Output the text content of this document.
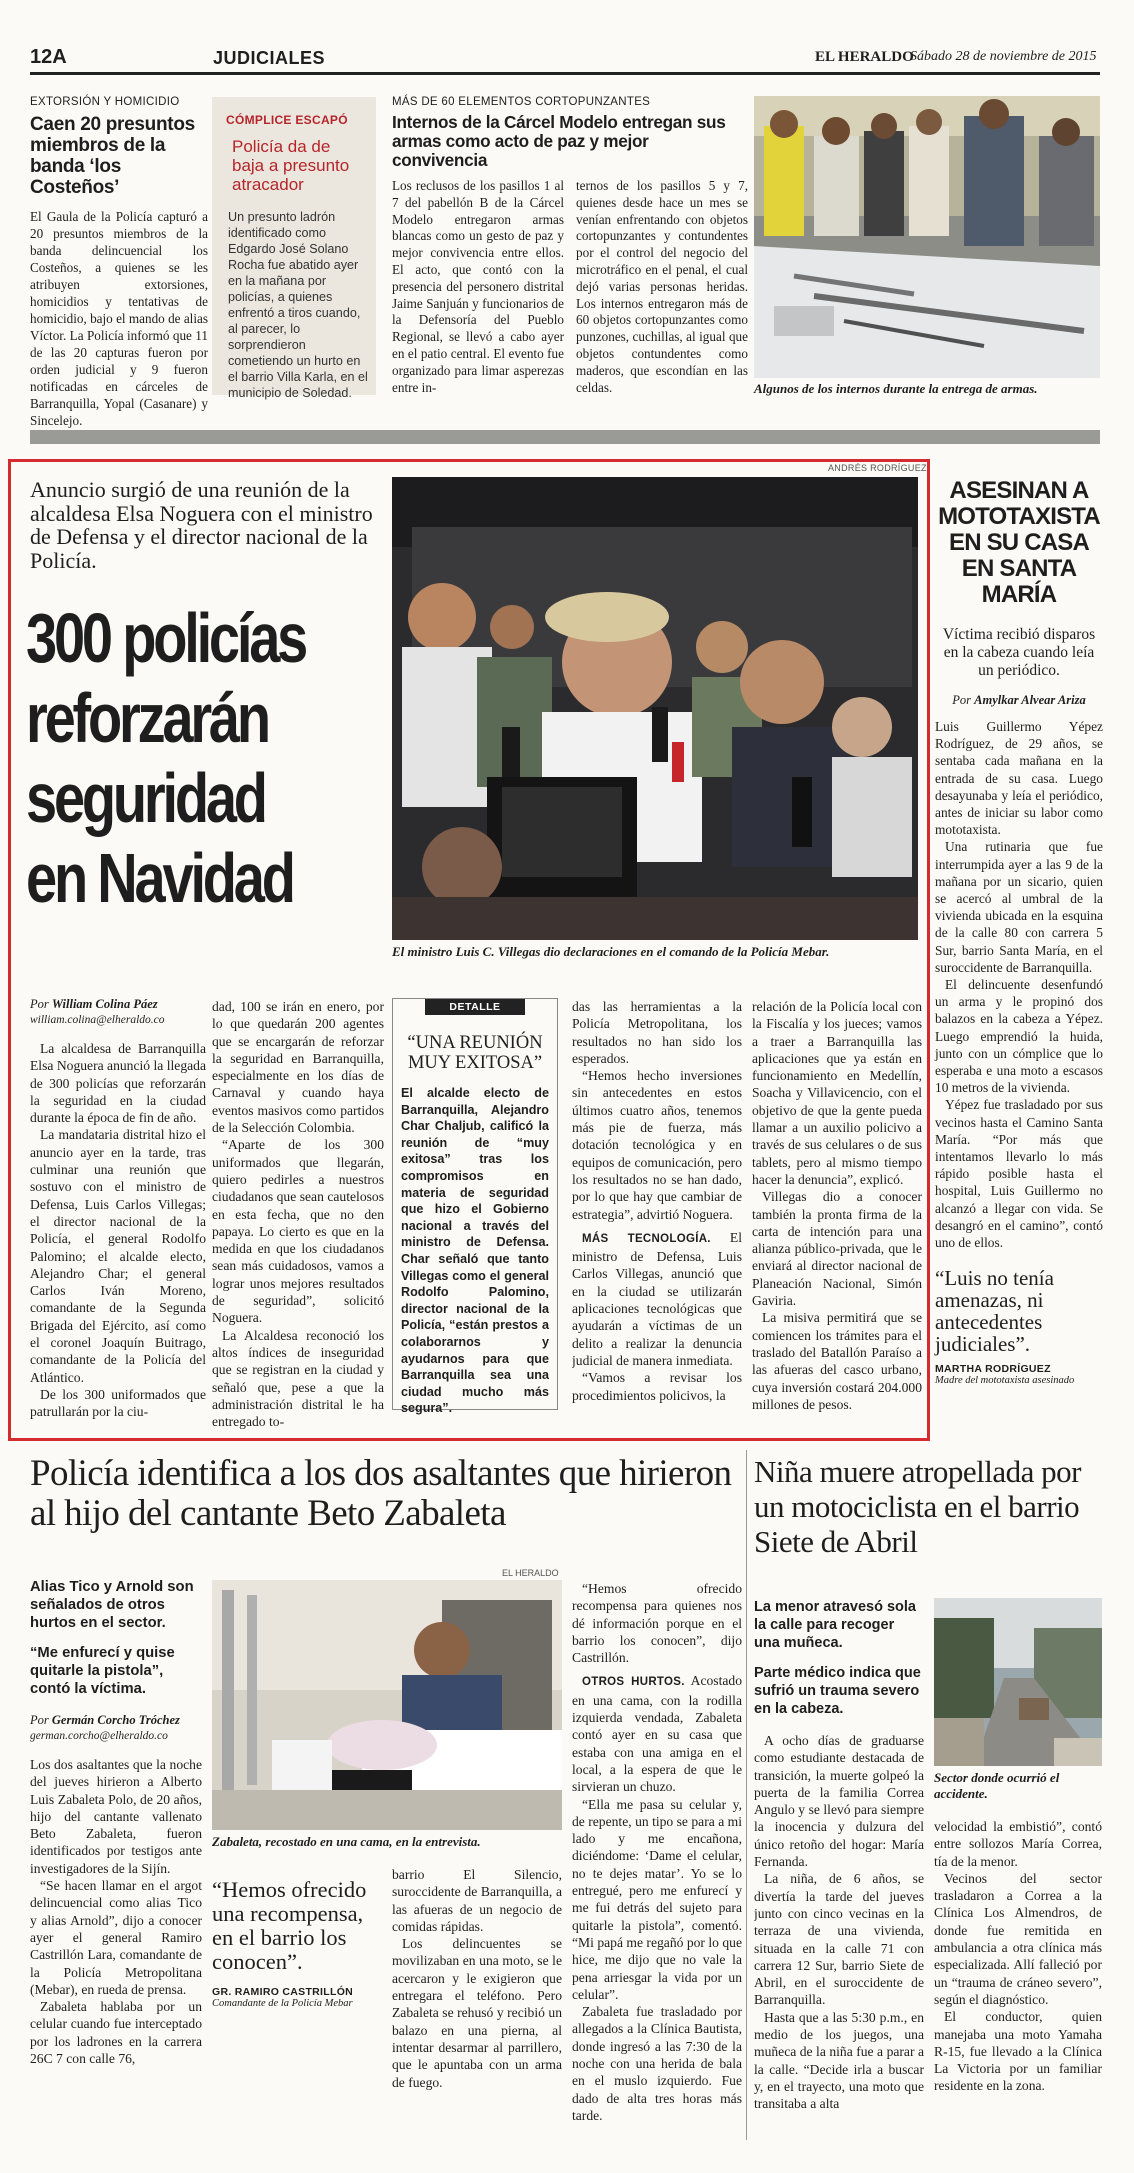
12A	JUDICIALES	EL HERALDO
Sábado 28 de noviembre de 2015
EXTORSIÓN Y HOMICIDIO
Caen 20 presuntos miembros de la banda ‘los Costeños’
El Gaula de la Policía capturó a 20 presuntos miembros de la banda delincuencial los Costeños, a quienes se les atribuyen extorsiones, homicidios y tentativas de homicidio, bajo el mando de alias Víctor. La Policía informó que 11 de las 20 capturas fueron por orden judicial y 9 fueron notificadas en cárceles de Barranquilla, Yopal (Casanare) y Sincelejo.
CÓMPLICE ESCAPÓ
Policía da de baja a presunto atracador
Un presunto ladrón identificado como Edgardo José Solano Rocha fue abatido ayer en la mañana por policías, a quienes enfrentó a tiros cuando, al parecer, lo sorprendieron cometiendo un hurto en el barrio Villa Karla, en el municipio de Soledad.
MÁS DE 60 ELEMENTOS CORTOPUNZANTES
Internos de la Cárcel Modelo entregan sus armas como acto de paz y mejor convivencia
Los reclusos de los pasillos 1 al 7 del pabellón B de la Cárcel Modelo entregaron armas blancas como un gesto de paz y mejor convivencia entre ellos. El acto, que contó con la presencia del personero distrital Jaime Sanjuán y funcionarios de la Defensoría del Pueblo Regional, se llevó a cabo ayer en el patio central. El evento fue organizado para limar asperezas entre in-
ternos de los pasillos 5 y 7, quienes desde hace un mes se venían enfrentando con objetos cortopunzantes y contundentes por el control del negocio del microtráfico en el penal, el cual dejó varias personas heridas. Los internos entregaron más de 60 objetos cortopunzantes como punzones, cuchillas, al igual que objetos contundentes como maderos, que escondían en las celdas.	Algunos de los internos durante la entrega de armas.
Anuncio surgió de una reunión de la alcaldesa Elsa Noguera con el ministro de Defensa y el director nacional de la Policía.
300 policías
reforzarán
seguridad
en Navidad
ANDRÉS RODRÍGUEZ
El ministro Luis C. Villegas dio declaraciones en el comando de la Policía Mebar.
Por William Colina Páez
william.colina@elheraldo.co

La alcaldesa de Barranquilla Elsa Noguera anunció la llegada de 300 policías que reforzarán la seguridad en la ciudad durante la época de fin de año.

La mandataria distrital hizo el anuncio ayer en la tarde, tras culminar una reunión que sostuvo con el ministro de Defensa, Luis Carlos Villegas; el director nacional de la Policía, el general Rodolfo Palomino; el alcalde electo, Alejandro Char; el general Carlos Iván Moreno, comandante de la Segunda Brigada del Ejército, así como el coronel Joaquín Buitrago, comandante de la Policía del Atlántico.

De los 300 uniformados que patrullarán por la ciu-

dad, 100 se irán en enero, por lo que quedarán 200 agentes que se encargarán de reforzar la seguridad en Barranquilla, especialmente en los días de Carnaval y cuando haya eventos masivos como partidos de la Selección Colombia.

“Aparte de los 300 uniformados que llegarán, quiero pedirles a nuestros ciudadanos que sean cautelosos en esta fecha, que no den papaya. Lo cierto es que en la medida en que los ciudadanos sean más cuidadosos, vamos a lograr unos mejores resultados de seguridad”, solicitó Noguera.

La Alcaldesa reconoció los altos índices de inseguridad que se registran en la ciudad y señaló que, pese a que la administración distrital le ha entregado to-

DETALLE
“UNA REUNIÓN MUY EXITOSA”
El alcalde electo de Barranquilla, Alejandro Char Chaljub, calificó la reunión de “muy exitosa” tras los compromisos en materia de seguridad que hizo el Gobierno nacional a través del ministro de Defensa. Char señaló que tanto Villegas como el general Rodolfo Palomino, director nacional de la Policía, “están prestos a colaborarnos y ayudarnos para que Barranquilla sea una ciudad mucho más segura”.

das las herramientas a la Policía Metropolitana, los resultados no han sido los esperados.

“Hemos hecho inversiones sin antecedentes en estos últimos cuatro años, tenemos más pie de fuerza, más dotación tecnológica y en equipos de comunicación, pero los resultados no se han dado, por lo que hay que cambiar de estrategia”, advirtió Noguera.

MÁS TECNOLOGÍA. El ministro de Defensa, Luis Carlos Villegas, anunció que en la ciudad se utilizarán aplicaciones tecnológicas que ayudarán a víctimas de un delito a realizar la denuncia judicial de manera inmediata.

“Vamos a revisar los procedimientos policivos, la

relación de la Policía local con la Fiscalía y los jueces; vamos a traer a Barranquilla las aplicaciones que ya están en funcionamiento en Medellín, Soacha y Villavicencio, con el objetivo de que la gente pueda llamar a un auxilio policivo a través de sus celulares o de sus tablets, pero al mismo tiempo hacer la denuncia”, explicó.

Villegas dio a conocer también la pronta firma de la carta de intención para una alianza público-privada, que le enviará al director nacional de Planeación Nacional, Simón Gaviria.

La misiva permitirá que se comiencen los trámites para el traslado del Batallón Paraíso a las afueras del casco urbano, cuya inversión costará 204.000 millones de pesos.

ASESINAN A MOTOTAXISTA EN SU CASA EN SANTA MARÍA
Víctima recibió disparos en la cabeza cuando leía un periódico.
Por Amylkar Alvear Ariza

Luis Guillermo Yépez Rodríguez, de 29 años, se sentaba cada mañana en la entrada de su casa. Luego desayunaba y leía el periódico, antes de iniciar su labor como mototaxista.

Una rutinaria que fue interrumpida ayer a las 9 de la mañana por un sicario, quien se acercó al umbral de la vivienda ubicada en la esquina de la calle 80 con carrera 5 Sur, barrio Santa María, en el suroccidente de Barranquilla.

El delincuente desenfundó un arma y le propinó dos balazos en la cabeza a Yépez. Luego emprendió la huida, junto con un cómplice que lo esperaba e una moto a escasos 10 metros de la vivienda.

Yépez fue trasladado por sus vecinos hasta el Camino Santa María. “Por más que intentamos llevarlo lo más rápido posible hasta el hospital, Luis Guillermo no alcanzó a llegar con vida. Se desangró en el camino”, contó uno de ellos.

“Luis no tenía amenazas, ni antecedentes judiciales”.
MARTHA RODRÍGUEZ
Madre del mototaxista asesinado
Policía identifica a los dos asaltantes que hirieron al hijo del cantante Beto Zabaleta
Niña muere atropellada por un motociclista en el barrio Siete de Abril
Alias Tico y Arnold son señalados de otros hurtos en el sector.
“Me enfurecí y quise quitarle la pistola”, contó la víctima.
Por Germán Corcho Tróchez
german.corcho@elheraldo.co

Los dos asaltantes que la noche del jueves hirieron a Alberto Luis Zabaleta Polo, de 20 años, hijo del cantante vallenato Beto Zabaleta, fueron identificados por testigos ante investigadores de la Sijín.

“Se hacen llamar en el argot delincuencial como alias Tico y alias Arnold”, dijo a conocer ayer el general Ramiro Castrillón Lara, comandante de la Policía Metropolitana (Mebar), en rueda de prensa.

Zabaleta hablaba por un celular cuando fue interceptado por los ladrones en la carrera 26C 7 con calle 76,

EL HERALDO
Zabaleta, recostado en una cama, en la entrevista.
“Hemos ofrecido una recompensa, en el barrio los conocen”.
GR. RAMIRO CASTRILLÓN
Comandante de la Policía Mebar

barrio El Silencio, suroccidente de Barranquilla, a las afueras de un negocio de comidas rápidas.

Los delincuentes se movilizaban en una moto, se le acercaron y le exigieron que entregara el teléfono. Pero Zabaleta se rehusó y recibió un balazo en una pierna, al intentar desarmar al parrillero, que le apuntaba con un arma de fuego.

“Hemos ofrecido recompensa para quienes nos dé información porque en el barrio los conocen”, dijo Castrillón.

OTROS HURTOS. Acostado en una cama, con la rodilla izquierda vendada, Zabaleta contó ayer en su casa que estaba con una amiga en el local, a la espera de que le sirvieran un chuzo.

“Ella me pasa su celular y, de repente, un tipo se para a mi lado y me encañona, diciéndome: ‘Dame el celular, no te dejes matar’. Yo se lo entregué, pero me enfurecí y me fui detrás del sujeto para quitarle la pistola”, comentó. “Mi papá me regañó por lo que hice, me dijo que no vale la pena arriesgar la vida por un celular”.

Zabaleta fue trasladado por allegados a la Clínica Bautista, donde ingresó a las 7:30 de la noche con una herida de bala en el muslo izquierdo. Fue dado de alta tres horas más tarde.

La menor atravesó sola la calle para recoger una muñeca.
Parte médico indica que sufrió un trauma severo en la cabeza.

A ocho días de graduarse como estudiante destacada de transición, la muerte golpeó la puerta de la familia Correa Angulo y se llevó para siempre la inocencia y dulzura del único retoño del hogar: María Fernanda.

La niña, de 6 años, se divertía la tarde del jueves junto con cinco vecinas en la terraza de una vivienda, situada en la calle 71 con carrera 12 Sur, barrio Siete de Abril, en el suroccidente de Barranquilla.

Hasta que a las 5:30 p.m., en medio de los juegos, una muñeca de la niña fue a parar a la calle. “Decide irla a buscar y, en el trayecto, una moto que transitaba a alta

Sector donde ocurrió el accidente.

velocidad la embistió”, contó entre sollozos María Correa, tía de la menor.

Vecinos del sector trasladaron a Correa a la Clínica Los Almendros, de donde fue remitida en ambulancia a otra clínica más especializada. Allí falleció por un “trauma de cráneo severo”, según el diagnóstico.

El conductor, quien manejaba una moto Yamaha R-15, fue llevado a la Clínica La Victoria por un familiar residente en la zona.
